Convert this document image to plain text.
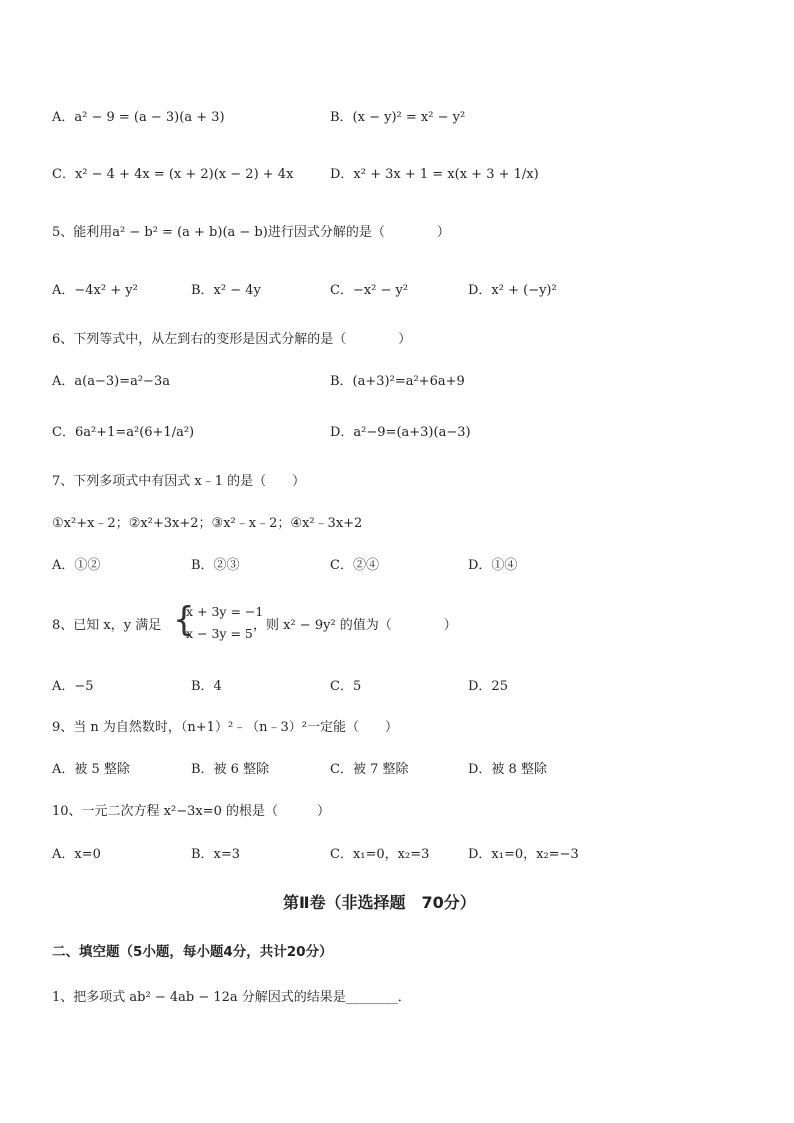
A．a² − 9 = (a − 3)(a + 3)	B．(x − y)² = x² − y²
C．x² − 4 + 4x = (x + 2)(x − 2) + 4x	D．x² + 3x + 1 = x(x + 3 + 1/x)
5、能利用a² − b² = (a + b)(a − b)进行因式分解的是（　　　　）
A．−4x² + y²	B．x² − 4y	C．−x² − y²	D．x² + (−y)²
6、下列等式中，从左到右的变形是因式分解的是（　　　　）
A．a(a−3)=a²−3a	B．(a+3)²=a²+6a+9
C．6a²+1=a²(6+1/a²)	D．a²−9=(a+3)(a−3)
7、下列多项式中有因式 x﹣1 的是（　　）
①x²+x﹣2；②x²+3x+2；③x²﹣x﹣2；④x²﹣3x+2
A．①②	B．②③	C．②④	D．①④
8、已知 x，y 满足 {
x + 3y = −1
x − 3y = 5
，则 x² − 9y² 的值为（　　　　）
A．−5	B．4	C．5	D．25
9、当 n 为自然数时，（n+1）²﹣（n﹣3）²一定能（　　）
A．被 5 整除	B．被 6 整除	C．被 7 整除	D．被 8 整除
10、一元二次方程 x²−3x=0 的根是（　　　）
A．x=0	B．x=3	C．x₁=0，x₂=3	D．x₁=0，x₂=−3
第Ⅱ卷（非选择题　70分）
二、填空题（5小题，每小题4分，共计20分）
1、把多项式 ab² − 4ab − 12a 分解因式的结果是________．
